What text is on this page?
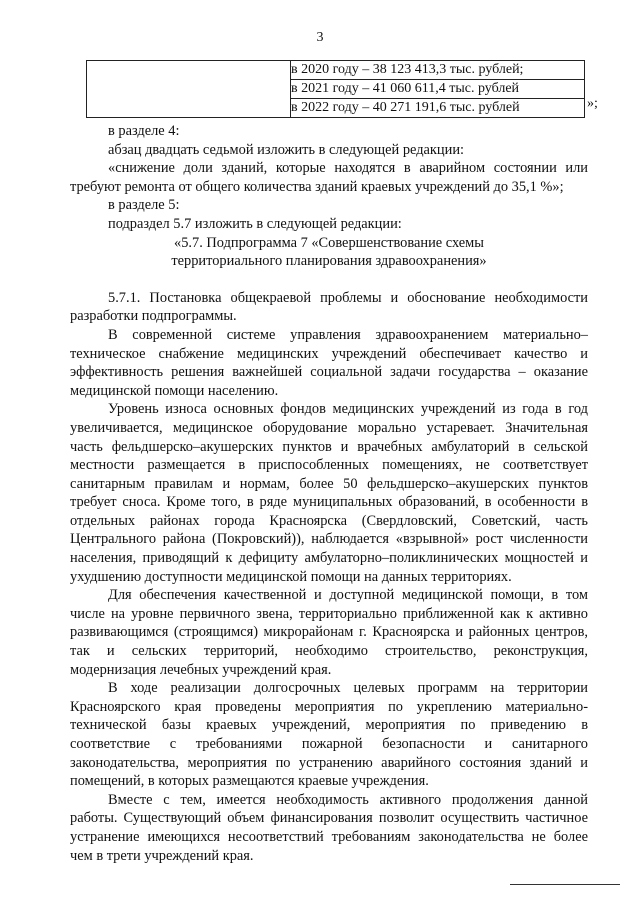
3
	в 2020 году – 38 123 413,3 тыс. рублей;
в 2021 году – 41 060 611,4 тыс. рублей
в 2022 году – 40 271 191,6 тыс. рублей	»;

в разделе 4:

абзац двадцать седьмой изложить в следующей редакции:

«снижение доли зданий, которые находятся в аварийном состоянии или требуют ремонта от общего количества зданий краевых учреждений до 35,1 %»;

в разделе 5:

подраздел 5.7 изложить в следующей редакции:

«5.7. Подпрограмма 7 «Совершенствование схемы

территориального планирования здравоохранения»

5.7.1. Постановка общекраевой проблемы и обоснование необходимости разработки подпрограммы.

В современной системе управления здравоохранением материально–техническое снабжение медицинских учреждений обеспечивает качество и эффективность решения важнейшей социальной задачи государства – оказание медицинской помощи населению.

Уровень износа основных фондов медицинских учреждений из года в год увеличивается, медицинское оборудование морально устаревает. Значительная часть фельдшерско–акушерских пунктов и врачебных амбулаторий в сельской местности размещается в приспособленных помещениях, не соответствует санитарным правилам и нормам, более 50 фельдшерско–акушерских пунктов требует сноса. Кроме того, в ряде муниципальных образований, в особенности в отдельных районах города Красноярска (Свердловский, Советский, часть Центрального района (Покровский)), наблюдается «взрывной» рост численности населения, приводящий к дефициту амбулаторно–поликлинических мощностей и ухудшению доступности медицинской помощи на данных территориях.

Для обеспечения качественной и доступной медицинской помощи, в том числе на уровне первичного звена, территориально приближенной как к активно развивающимся (строящимся) микрорайонам г. Красноярска и районных центров, так и сельских территорий, необходимо строительство, реконструкция, модернизация лечебных учреждений края.

В ходе реализации долгосрочных целевых программ на территории Красноярского края проведены мероприятия по укреплению материально-технической базы краевых учреждений, мероприятия по приведению в соответствие с требованиями пожарной безопасности и санитарного законодательства, мероприятия по устранению аварийного состояния зданий и помещений, в которых размещаются краевые учреждения.

Вместе с тем, имеется необходимость активного продолжения данной работы. Существующий объем финансирования позволит осуществить частичное устранение имеющихся несоответствий требованиям законодательства не более чем в трети учреждений края.
